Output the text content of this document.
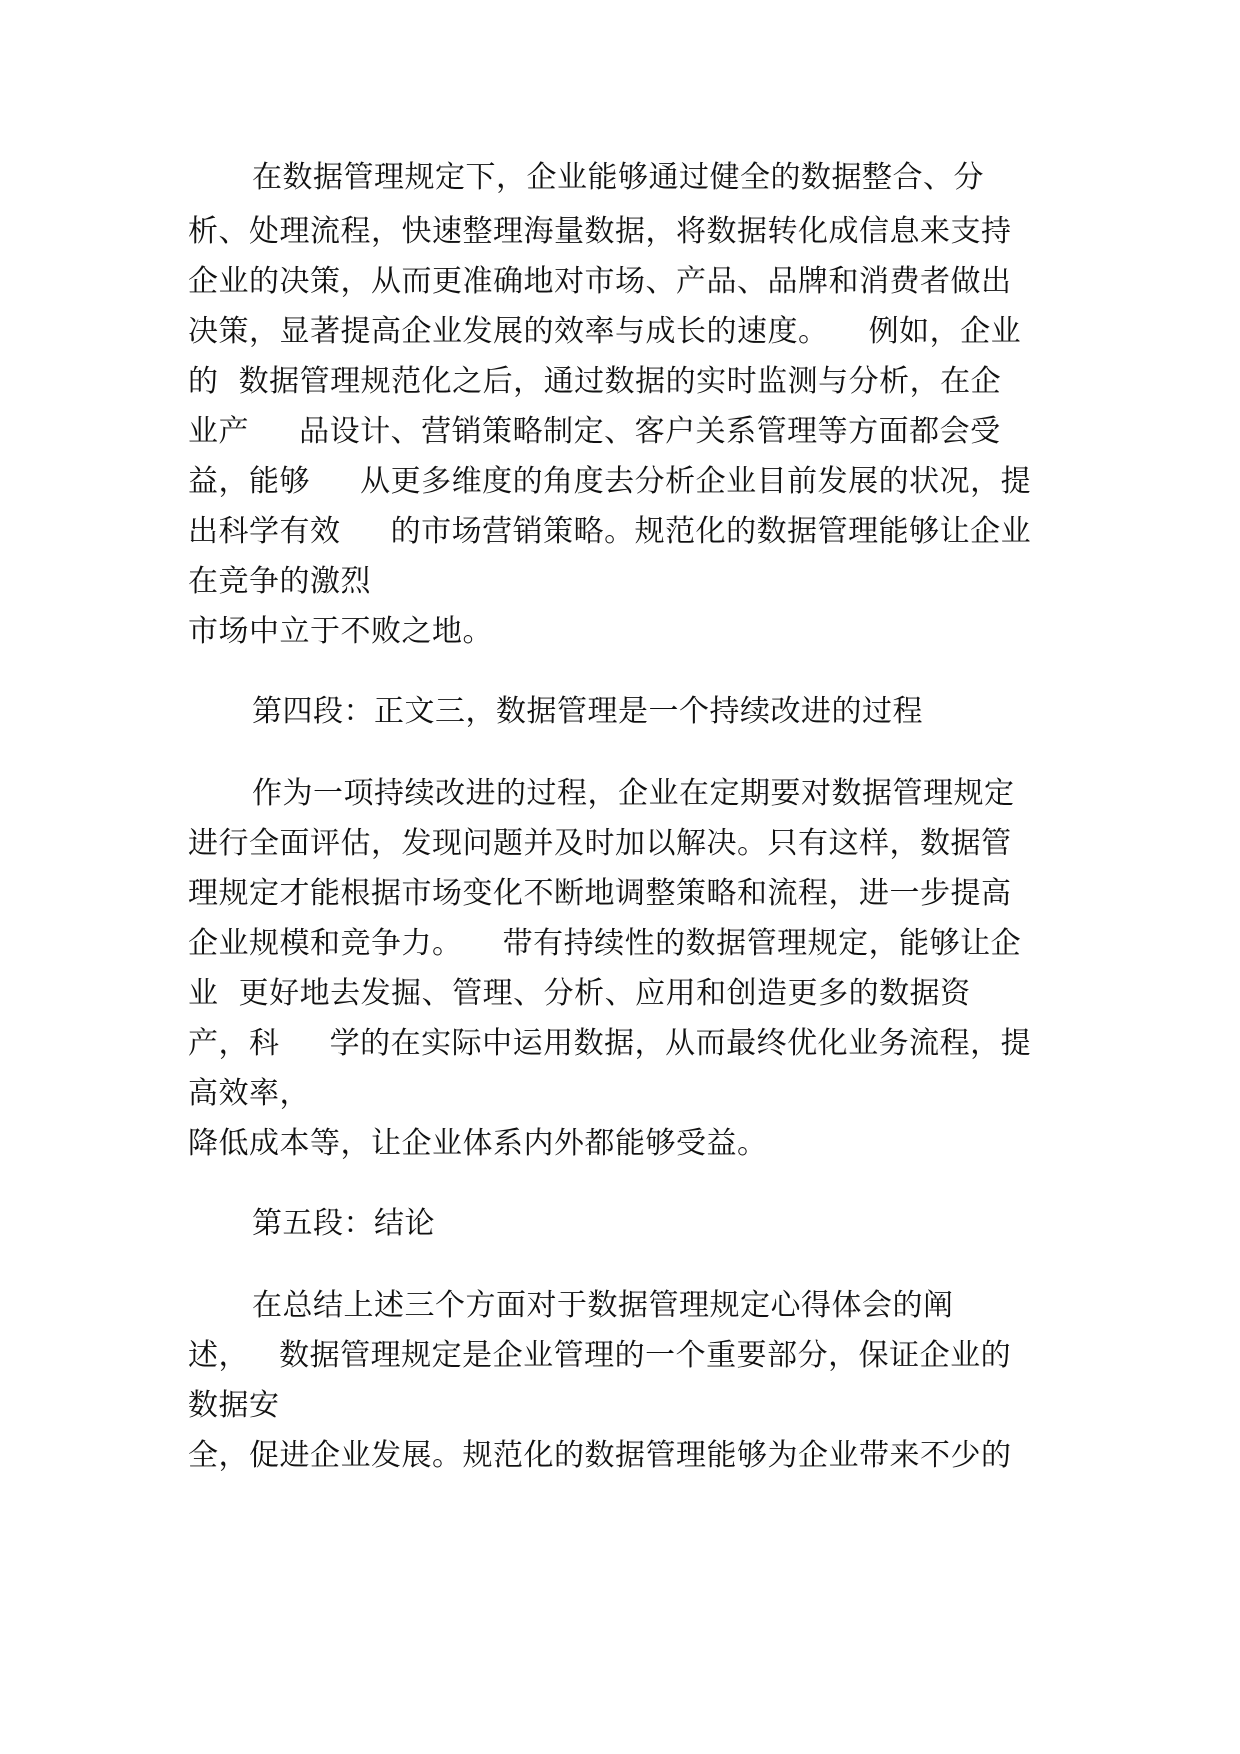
在数据管理规定下，企业能够通过健全的数据整合、分

析、处理流程，快速整理海量数据，将数据转化成信息来支持

企业的决策，从而更准确地对市场、产品、品牌和消费者做出

决策，显著提高企业发展的效率与成长的速度。    例如，企业

的  数据管理规范化之后，通过数据的实时监测与分析，在企

业产     品设计、营销策略制定、客户关系管理等方面都会受

益，能够     从更多维度的角度去分析企业目前发展的状况，提

出科学有效     的市场营销策略。规范化的数据管理能够让企业

在竞争的激烈

市场中立于不败之地。

第四段：正文三，数据管理是一个持续改进的过程

作为一项持续改进的过程，企业在定期要对数据管理规定

进行全面评估，发现问题并及时加以解决。只有这样，数据管

理规定才能根据市场变化不断地调整策略和流程，进一步提高

企业规模和竞争力。    带有持续性的数据管理规定，能够让企

业  更好地去发掘、管理、分析、应用和创造更多的数据资

产，科     学的在实际中运用数据，从而最终优化业务流程，提

高效率，

降低成本等，让企业体系内外都能够受益。

第五段：结论

在总结上述三个方面对于数据管理规定心得体会的阐

述，   数据管理规定是企业管理的一个重要部分，保证企业的

数据安

全，促进企业发展。规范化的数据管理能够为企业带来不少的
